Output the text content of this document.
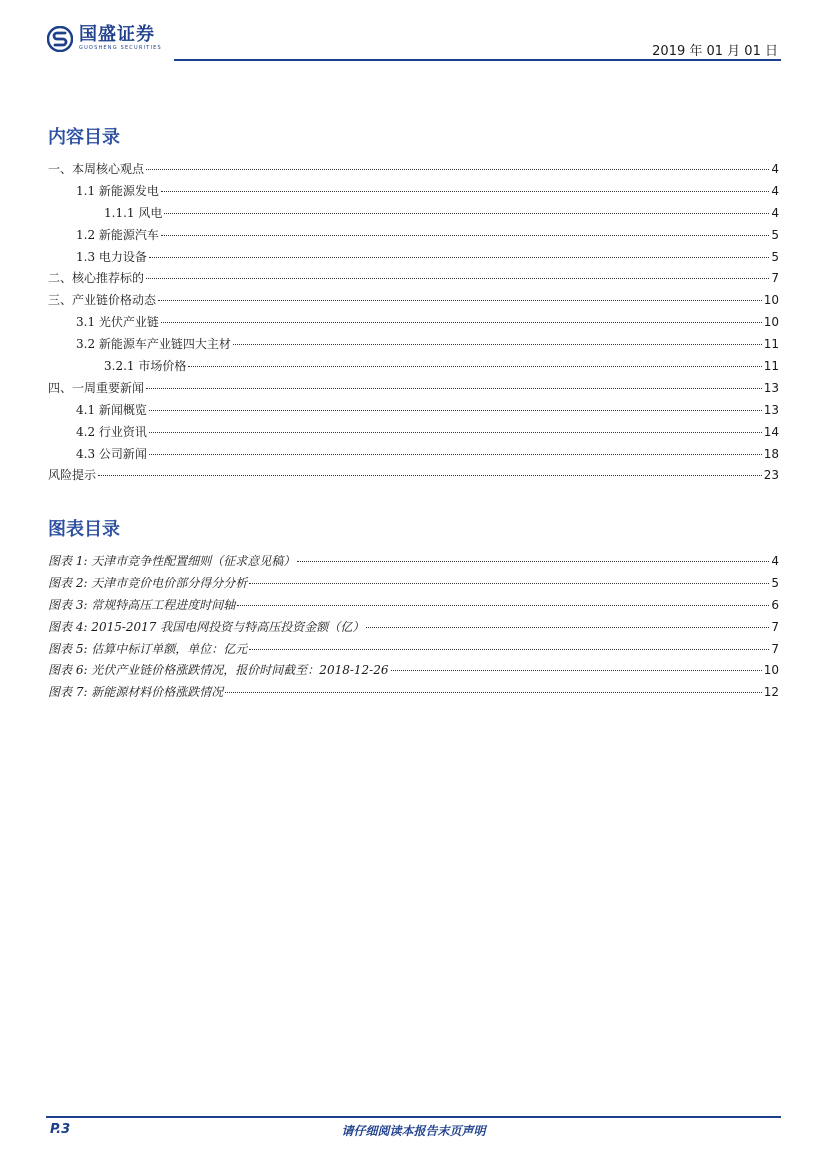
国盛证券
GUOSHENG SECURITIES	2019 年 01 月 01 日
内容目录
一、本周核心观点	4
1.1 新能源发电	4
1.1.1 风电	4
1.2 新能源汽车	5
1.3 电力设备	5
二、核心推荐标的	7
三、产业链价格动态	10
3.1 光伏产业链	10
3.2 新能源车产业链四大主材	11
3.2.1 市场价格	11
四、一周重要新闻	13
4.1 新闻概览	13
4.2 行业资讯	14
4.3 公司新闻	18
风险提示	23
图表目录
图表 1: 天津市竞争性配置细则（征求意见稿）	4
图表 2: 天津市竞价电价部分得分分析	5
图表 3: 常规特高压工程进度时间轴	6
图表 4: 2015-2017 我国电网投资与特高压投资金额（亿）	7
图表 5: 估算中标订单额，单位：亿元	7
图表 6: 光伏产业链价格涨跌情况，报价时间截至：2018-12-26	10
图表 7: 新能源材料价格涨跌情况	12
P.3	请仔细阅读本报告末页声明
